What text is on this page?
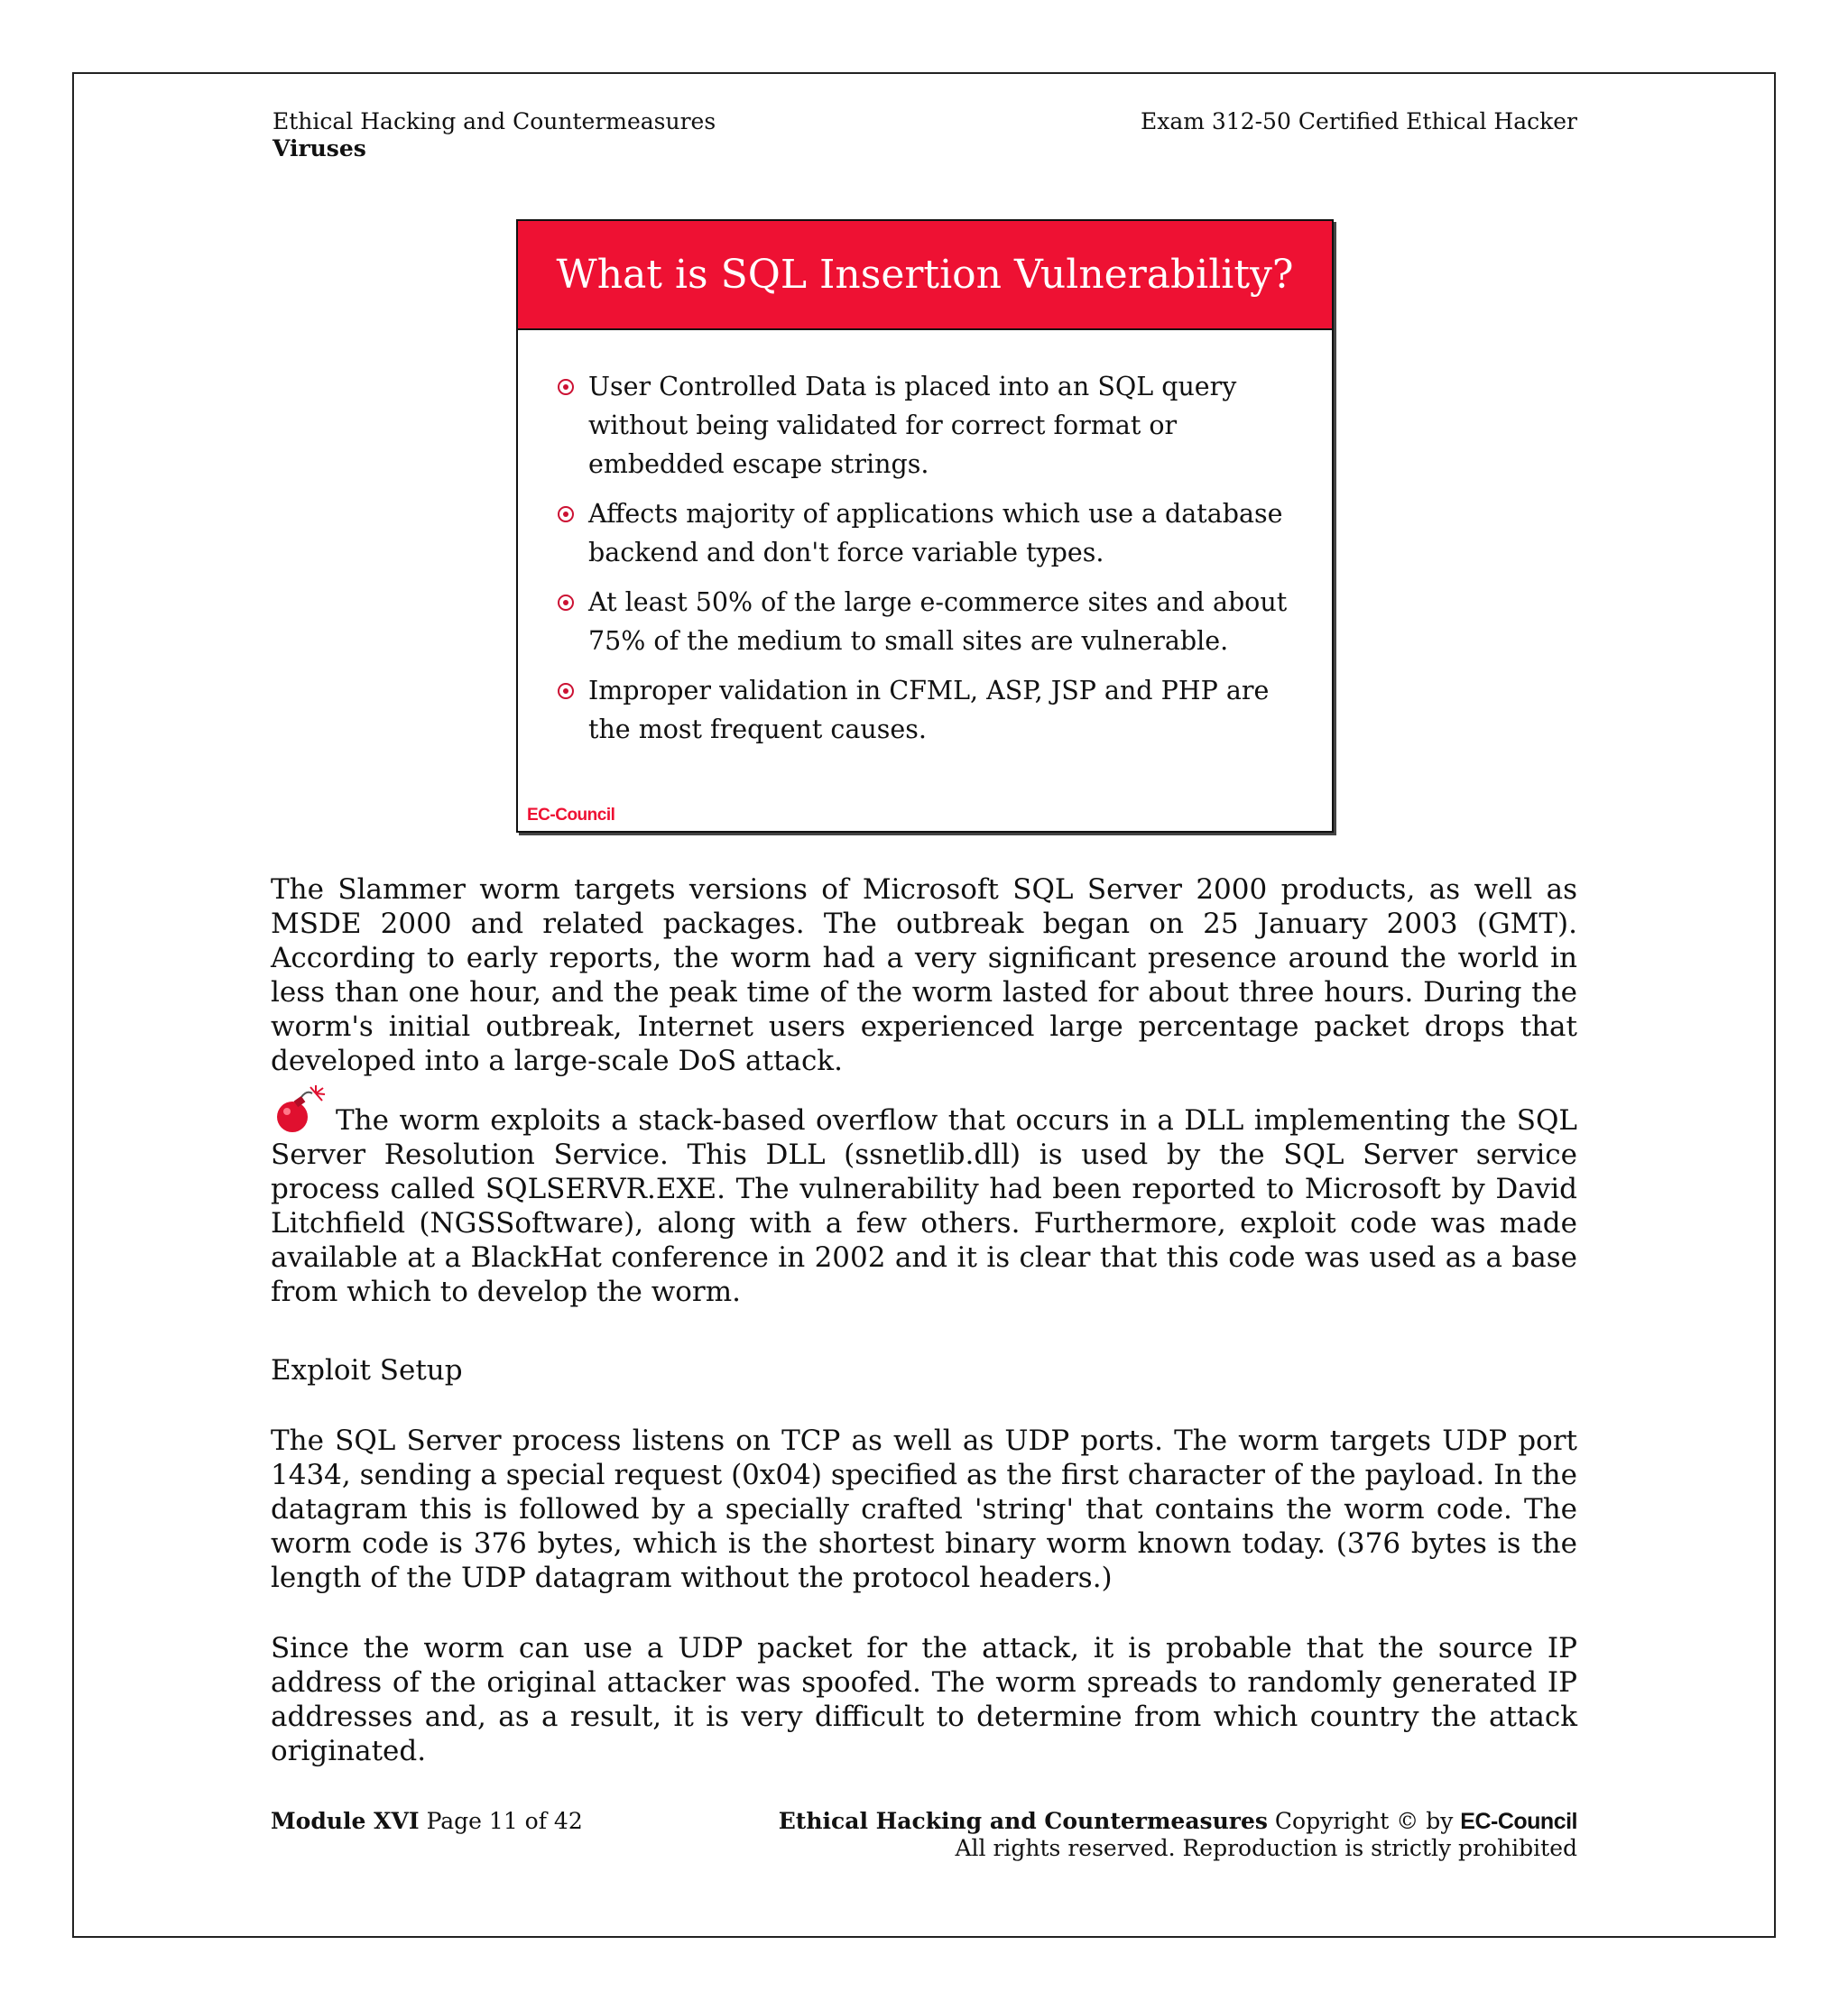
Ethical Hacking and Countermeasures
Viruses
Exam 312-50 Certified Ethical Hacker
What is SQL Insertion Vulnerability?
User Controlled Data is placed into an SQL query without being validated for correct format or embedded escape strings.
Affects majority of applications which use a database backend and don't force variable types.
At least 50% of the large e-commerce sites and about 75% of the medium to small sites are vulnerable.
Improper validation in CFML, ASP, JSP and PHP are the most frequent causes.
EC-Council

The Slammer worm targets versions of Microsoft SQL Server 2000 products, as well as MSDE 2000 and related packages. The outbreak began on 25 January 2003 (GMT). According to early reports, the worm had a very significant presence around the world in less than one hour, and the peak time of the worm lasted for about three hours. During the worm's initial outbreak, Internet users experienced large percentage packet drops that developed into a large-scale DoS attack.

The worm exploits a stack-based overflow that occurs in a DLL implementing the SQL Server Resolution Service. This DLL (ssnetlib.dll) is used by the SQL Server service process called SQLSERVR.EXE. The vulnerability had been reported to Microsoft by David Litchfield (NGSSoftware), along with a few others. Furthermore, exploit code was made available at a BlackHat conference in 2002 and it is clear that this code was used as a base from which to develop the worm.

Exploit Setup

The SQL Server process listens on TCP as well as UDP ports. The worm targets UDP port 1434, sending a special request (0x04) specified as the first character of the payload. In the datagram this is followed by a specially crafted 'string' that contains the worm code. The worm code is 376 bytes, which is the shortest binary worm known today. (376 bytes is the length of the UDP datagram without the protocol headers.)

Since the worm can use a UDP packet for the attack, it is probable that the source IP address of the original attacker was spoofed. The worm spreads to randomly generated IP addresses and, as a result, it is very difficult to determine from which country the attack originated.

Module XVI Page 11 of 42	Ethical Hacking and Countermeasures Copyright © by EC-Council
All rights reserved. Reproduction is strictly prohibited
